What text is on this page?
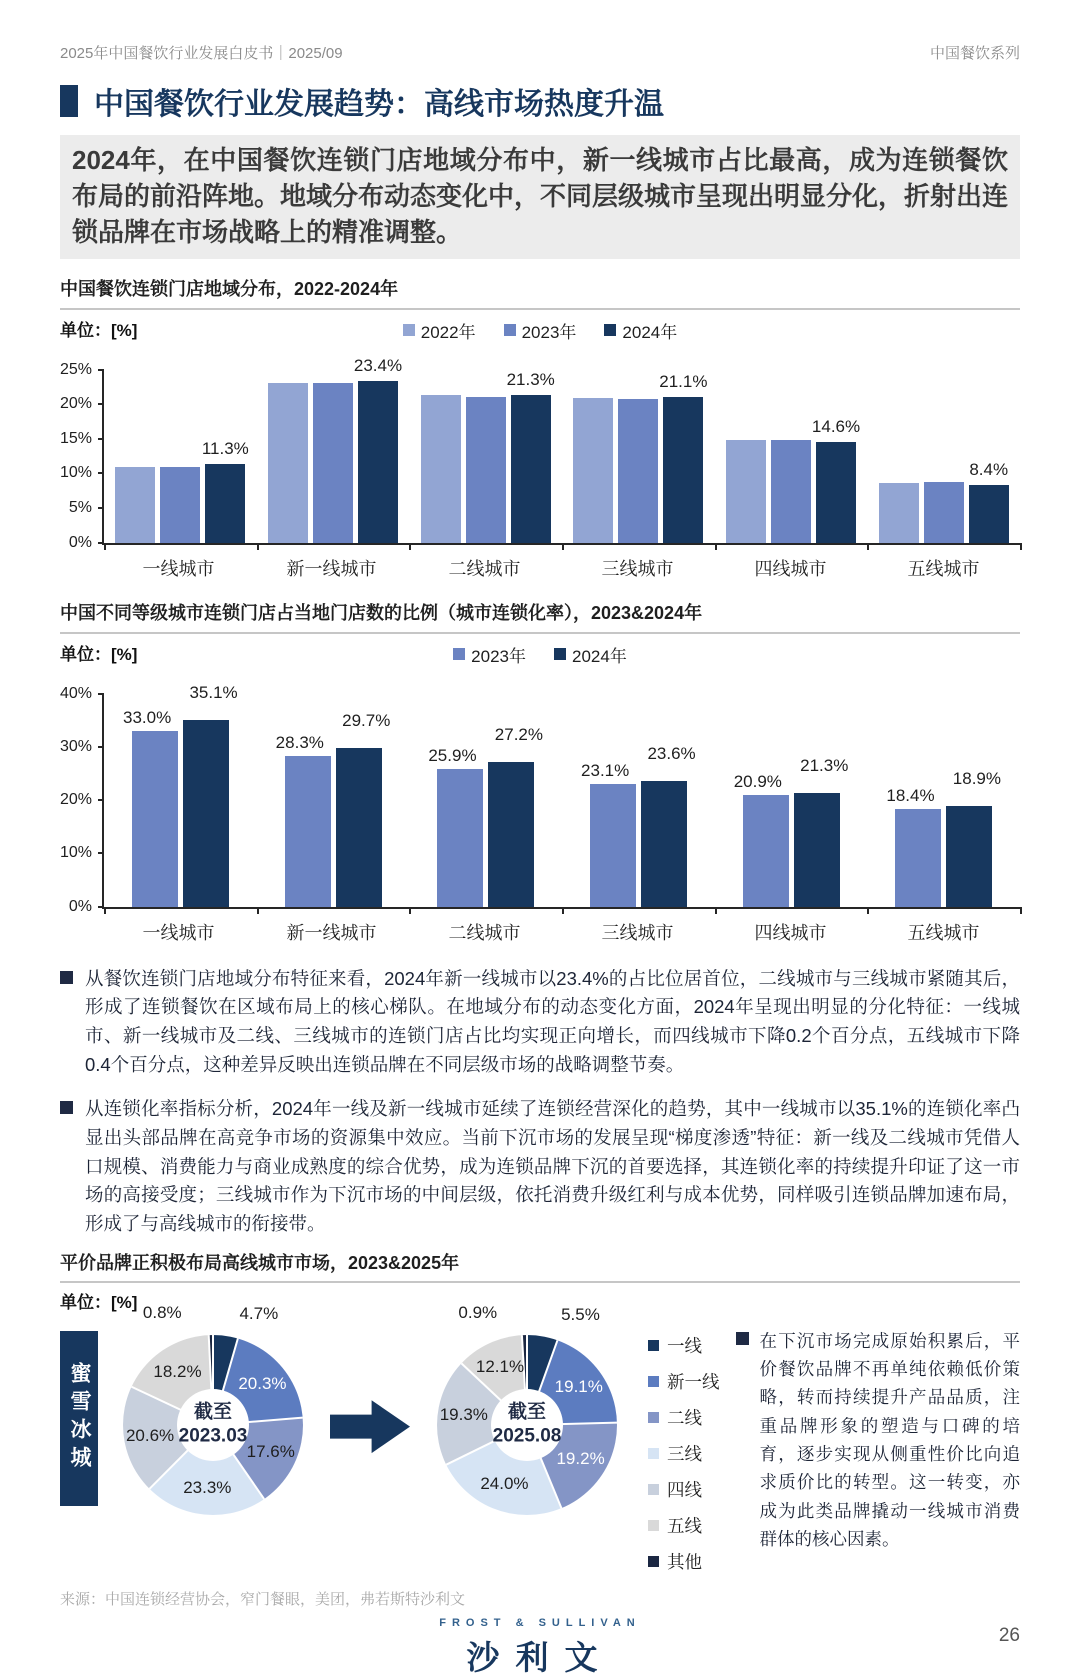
2025年中国餐饮行业发展白皮书｜2025/09	中国餐饮系列
中国餐饮行业发展趋势：高线市场热度升温
2024年，在中国餐饮连锁门店地域分布中，新一线城市占比最高，成为连锁餐饮布局的前沿阵地。地域分布动态变化中，不同层级城市呈现出明显分化，折射出连锁品牌在市场战略上的精准调整。
中国餐饮连锁门店地域分布，2022-2024年
单位：[%]	2022年	2023年	2024年
0%
5%
10%
15%
20%
25%
11.3%
23.4%
21.3%	21.1%
14.6%
8.4%
一线城市	新一线城市	二线城市	三线城市	四线城市	五线城市
中国不同等级城市连锁门店占当地门店数的比例（城市连锁化率），2023&2024年
单位：[%]	2023年	2024年
0%
10%
20%
30%
40%
33.0%
35.1%
28.3%
29.7%
25.9%
27.2%
23.1%
23.6%
20.9%
21.3%
18.4%
18.9%
一线城市	新一线城市	二线城市	三线城市	四线城市	五线城市

从餐饮连锁门店地域分布特征来看，2024年新一线城市以23.4%的占比位居首位，二线城市与三线城市紧随其后，形成了连锁餐饮在区域布局上的核心梯队。在地域分布的动态变化方面，2024年呈现出明显的分化特征：一线城市、新一线城市及二线、三线城市的连锁门店占比均实现正向增长，而四线城市下降0.2个百分点，五线城市下降0.4个百分点，这种差异反映出连锁品牌在不同层级市场的战略调整节奏。

从连锁化率指标分析，2024年一线及新一线城市延续了连锁经营深化的趋势，其中一线城市以35.1%的连锁化率凸显出头部品牌在高竞争市场的资源集中效应。当前下沉市场的发展呈现“梯度渗透”特征：新一线及二线城市凭借人口规模、消费能力与商业成熟度的综合优势，成为连锁品牌下沉的首要选择，其连锁化率的持续提升印证了这一市场的高接受度；三线城市作为下沉市场的中间层级，依托消费升级红利与成本优势，同样吸引连锁品牌加速布局，形成了与高线城市的衔接带。

平价品牌正积极布局高线城市市场，2023&2025年
单位：[%]
蜜雪冰城	截至
2023.03
4.7%
20.3%
17.6%
23.3%
20.6%
18.2%
0.8%
截至
2025.08
5.5%
19.1%
19.2%
24.0%
19.3%
12.1%
0.9%
一线
新一线
二线
三线
四线
五线
其他

在下沉市场完成原始积累后，平价餐饮品牌不再单纯依赖低价策略，转而持续提升产品品质，注重品牌形象的塑造与口碑的培育，逐步实现从侧重性价比向追求质价比的转型。这一转变，亦成为此类品牌撬动一线城市消费群体的核心因素。

来源：中国连锁经营协会，窄门餐眼，美团，弗若斯特沙利文
FROST & SULLIVAN
沙利文
26
